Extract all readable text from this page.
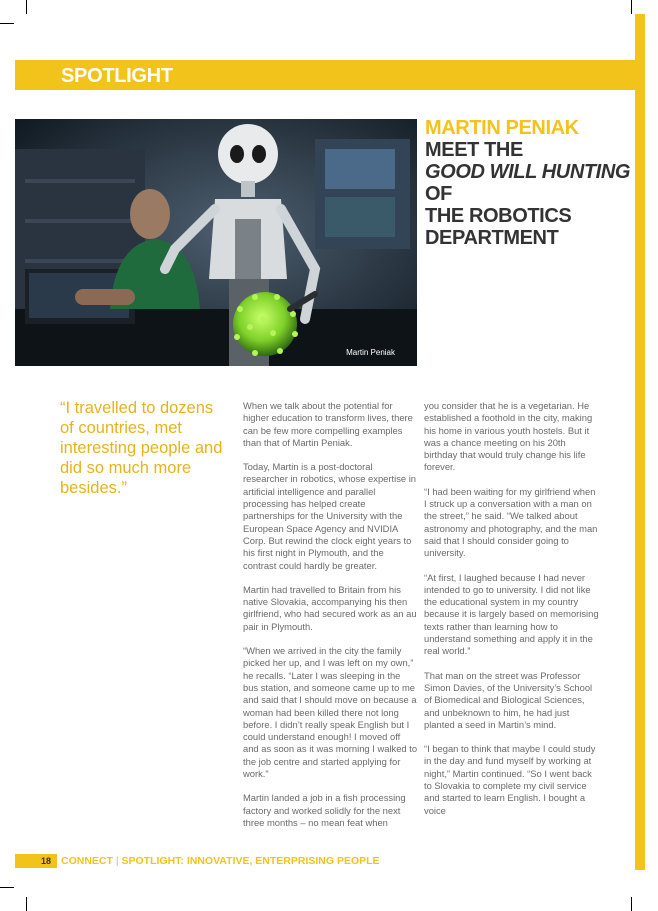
SPOTLIGHT
Martin Peniak
MARTIN PENIAK
MEET THE
GOOD WILL HUNTING OF
THE ROBOTICS DEPARTMENT
“I travelled to dozens of countries, met interesting people and did so much more besides.”

When we talk about the potential for higher education to transform lives, there can be few more compelling examples than that of Martin Peniak.

Today, Martin is a post-doctoral researcher in robotics, whose expertise in artificial intelligence and parallel processing has helped create partnerships for the University with the European Space Agency and NVIDIA Corp. But rewind the clock eight years to his first night in Plymouth, and the contrast could hardly be greater.

Martin had travelled to Britain from his native Slovakia, accompanying his then girlfriend, who had secured work as an au pair in Plymouth.

“When we arrived in the city the family picked her up, and I was left on my own,” he recalls. “Later I was sleeping in the bus station, and someone came up to me and said that I should move on because a woman had been killed there not long before. I didn’t really speak English but I could understand enough! I moved off and as soon as it was morning I walked to the job centre and started applying for work.”

Martin landed a job in a fish processing factory and worked solidly for the next three months – no mean feat when

you consider that he is a vegetarian. He established a foothold in the city, making his home in various youth hostels. But it was a chance meeting on his 20th birthday that would truly change his life forever.

“I had been waiting for my girlfriend when I struck up a conversation with a man on the street,” he said. “We talked about astronomy and photography, and the man said that I should consider going to university.

“At first, I laughed because I had never intended to go to university. I did not like the educational system in my country because it is largely based on memorising texts rather than learning how to understand something and apply it in the real world.”

That man on the street was Professor Simon Davies, of the University’s School of Biomedical and Biological Sciences, and unbeknown to him, he had just planted a seed in Martin’s mind.

“I began to think that maybe I could study in the day and fund myself by working at night,” Martin continued. “So I went back to Slovakia to complete my civil service and started to learn English. I bought a voice

18 CONNECT | SPOTLIGHT: INNOVATIVE, ENTERPRISING PEOPLE
